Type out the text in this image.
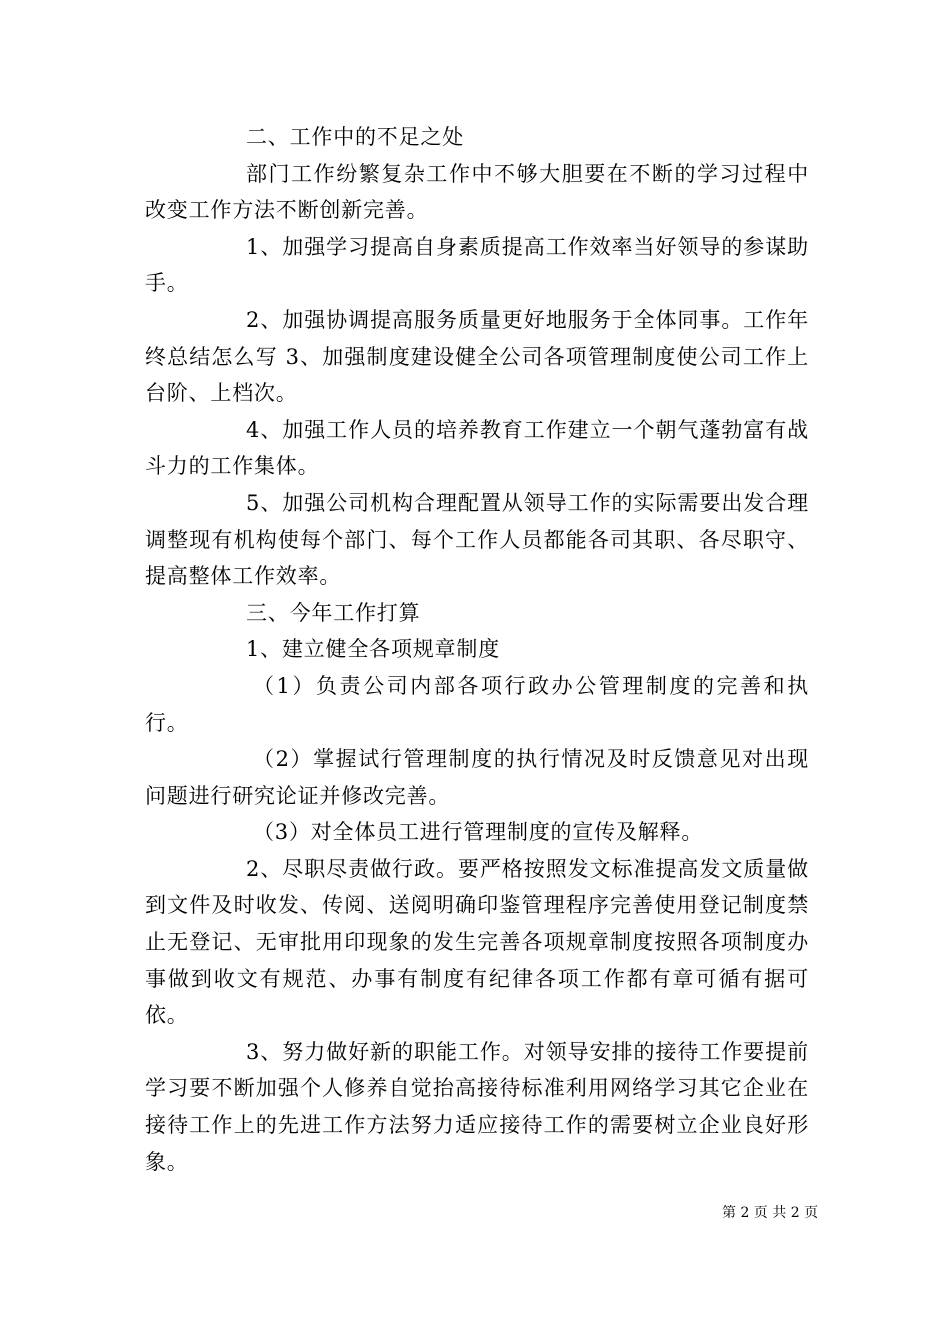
二、工作中的不足之处

部门工作纷繁复杂工作中不够大胆要在不断的学习过程中改变工作方法不断创新完善。

1、加强学习提高自身素质提高工作效率当好领导的参谋助手。

2、加强协调提高服务质量更好地服务于全体同事。工作年终总结怎么写 3、加强制度建设健全公司各项管理制度使公司工作上台阶、上档次。

4、加强工作人员的培养教育工作建立一个朝气蓬勃富有战斗力的工作集体。

5、加强公司机构合理配置从领导工作的实际需要出发合理调整现有机构使每个部门、每个工作人员都能各司其职、各尽职守、提高整体工作效率。

三、今年工作打算

1、建立健全各项规章制度

（1）负责公司内部各项行政办公管理制度的完善和执行。

（2）掌握试行管理制度的执行情况及时反馈意见对出现问题进行研究论证并修改完善。

（3）对全体员工进行管理制度的宣传及解释。

2、尽职尽责做行政。要严格按照发文标准提高发文质量做到文件及时收发、传阅、送阅明确印鉴管理程序完善使用登记制度禁止无登记、无审批用印现象的发生完善各项规章制度按照各项制度办事做到收文有规范、办事有制度有纪律各项工作都有章可循有据可依。

3、努力做好新的职能工作。对领导安排的接待工作要提前学习要不断加强个人修养自觉抬高接待标准利用网络学习其它企业在接待工作上的先进工作方法努力适应接待工作的需要树立企业良好形象。

第 2 页 共 2 页
